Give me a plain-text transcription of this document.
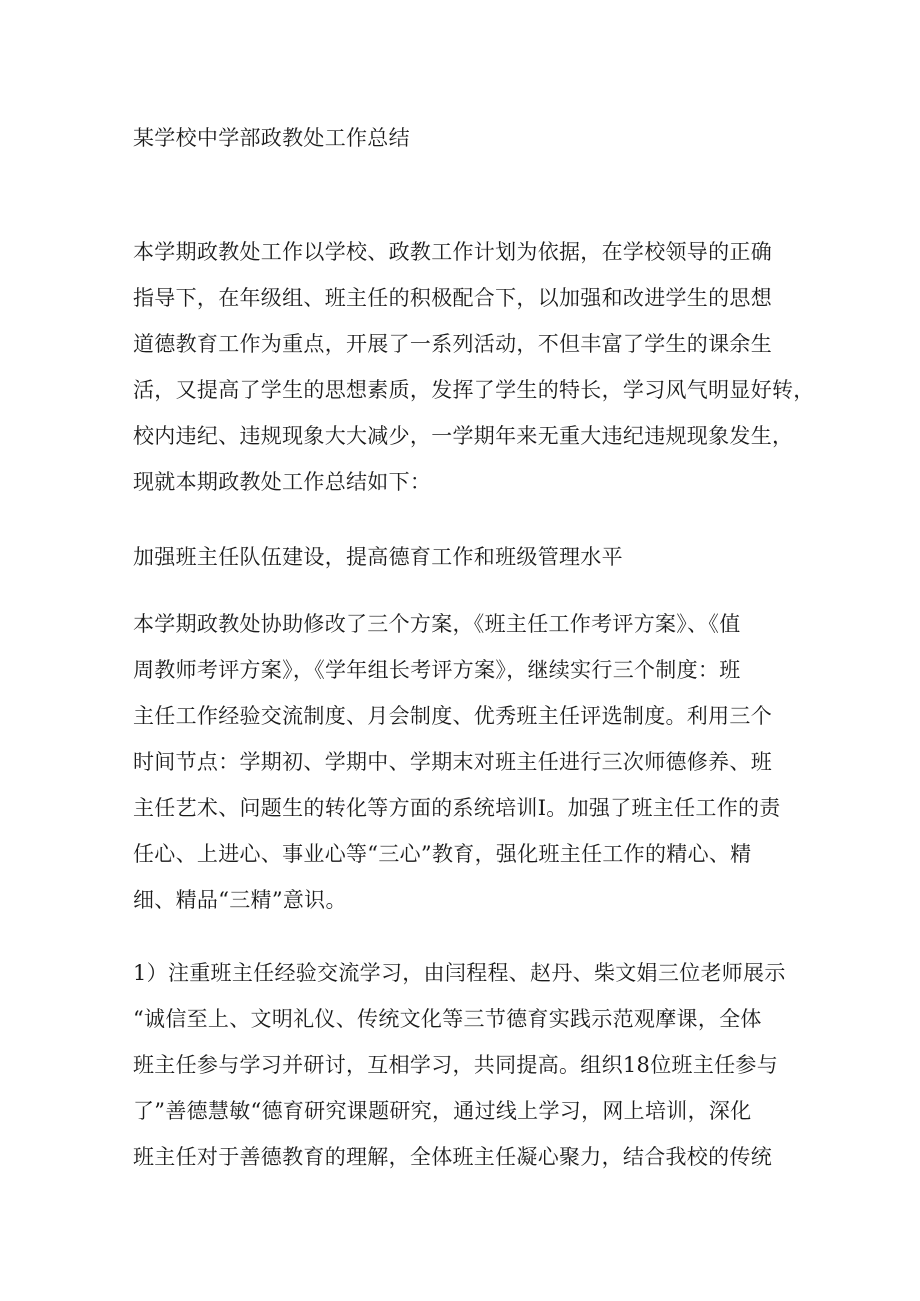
某学校中学部政教处工作总结
本学期政教处工作以学校、政教工作计划为依据，在学校领导的正确
指导下，在年级组、班主任的积极配合下，以加强和改进学生的思想
道德教育工作为重点，开展了一系列活动，不但丰富了学生的课余生
活，又提高了学生的思想素质，发挥了学生的特长，学习风气明显好转，
校内违纪、违规现象大大减少，一学期年来无重大违纪违规现象发生，
现就本期政教处工作总结如下：
加强班主任队伍建设，提高德育工作和班级管理水平
本学期政教处协助修改了三个方案，《班主任工作考评方案》、《值
周教师考评方案》，《学年组长考评方案》，继续实行三个制度：班
主任工作经验交流制度、月会制度、优秀班主任评选制度。利用三个
时间节点：学期初、学期中、学期末对班主任进行三次师德修养、班
主任艺术、问题生的转化等方面的系统培训I。加强了班主任工作的责
任心、上进心、事业心等“三心”教育，强化班主任工作的精心、精
细、精品“三精”意识。
1）注重班主任经验交流学习，由闫程程、赵丹、柴文娟三位老师展示
“诚信至上、文明礼仪、传统文化等三节德育实践示范观摩课，全体
班主任参与学习并研讨，互相学习，共同提高。组织18位班主任参与
了”善德慧敏“德育研究课题研究，通过线上学习，网上培训，深化
班主任对于善德教育的理解，全体班主任凝心聚力，结合我校的传统
